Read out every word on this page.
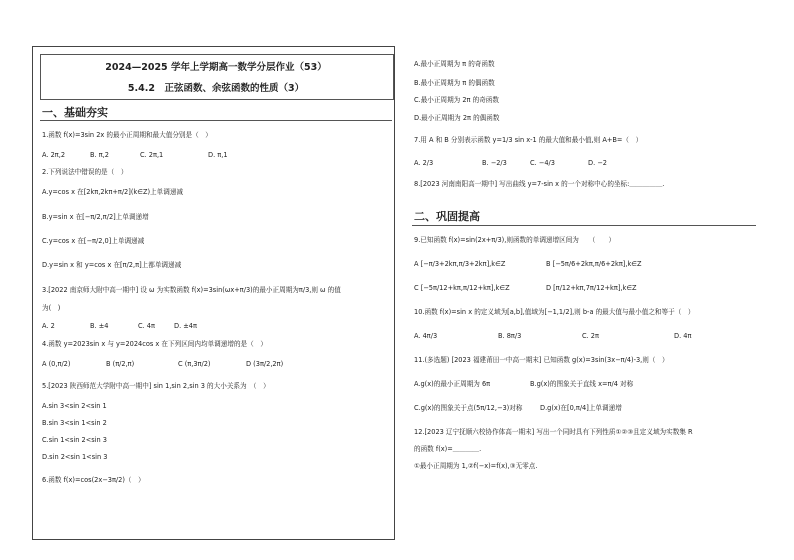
2024—2025 学年上学期高一数学分层作业（53）
5.4.2　正弦函数、余弦函数的性质（3）
一、基础夯实
1.函数 f(x)=3sin 2x 的最小正周期和最大值分别是（　）
A. 2π,2	B. π,2	C. 2π,1	D. π,1
2.下列说法中错误的是（　）
A.y=cos x 在[2kπ,2kπ+π/2](k∈Z)上单调递减
B.y=sin x 在[−π/2,π/2]上单调递增
C.y=cos x 在[−π/2,0]上单调递减
D.y=sin x 和 y=cos x 在[π/2,π]上都单调递减
3.[2022 南京师大附中高一期中] 设 ω 为实数函数 f(x)=3sin(ωx+π/3)的最小正周期为π/3,则 ω 的值
为(　)
A. 2	B. ±4	C. 4π	D. ±4π
4.函数 y=2023sin x 与 y=2024cos x 在下列区间内均单调递增的是（　）
A (0,π/2)	B (π/2,π)	C (π,3π/2)	D (3π/2,2π)
5.[2023 陕西师范大学附中高一期中] sin 1,sin 2,sin 3 的大小关系为　（　）
A.sin 3<sin 2<sin 1
B.sin 3<sin 1<sin 2
C.sin 1<sin 2<sin 3
D.sin 2<sin 1<sin 3
6.函数 f(x)=cos(2x−3π/2)（　）
A.最小正周期为 π 的奇函数
B.最小正周期为 π 的偶函数
C.最小正周期为 2π 的奇函数
D.最小正周期为 2π 的偶函数
7.用 A 和 B 分别表示函数 y=1/3 sin x-1 的最大值和最小值,则 A+B=（　）
A. 2/3	B. −2/3	C. −4/3	D. −2
8.[2023 河南南阳高一期中] 写出曲线 y=7-sin x 的一个对称中心的坐标:＿＿＿＿＿.
二、巩固提高
9.已知函数 f(x)=sin(2x+π/3),则函数的单调递增区间为　　（　　）
A [−π/3+2kπ,π/3+2kπ],k∈Z	B [−5π/6+2kπ,π/6+2kπ],k∈Z
C [−5π/12+kπ,π/12+kπ],k∈Z	D [π/12+kπ,7π/12+kπ],k∈Z
10.函数 f(x)=sin x 的定义域为[a,b],值域为[−1,1/2],则 b-a 的最大值与最小值之和等于（　）
A. 4π/3	B. 8π/3	C. 2π	D. 4π
11.(多选题) [2023 福建莆田一中高一期末] 已知函数 g(x)=3sin(3x−π/4)-3,则（　）
A.g(x)的最小正周期为 6π	B.g(x)的图象关于直线 x=π/4 对称
C.g(x)的图象关于点(5π/12,−3)对称	D.g(x)在[0,π/4]上单调递增
12.[2023 辽宁抚顺六校协作体高一期末] 写出一个同时具有下列性质①②③且定义域为实数集 R
的函数 f(x)=＿＿＿＿.
①最小正周期为 1,②f(−x)=f(x),③无零点.
